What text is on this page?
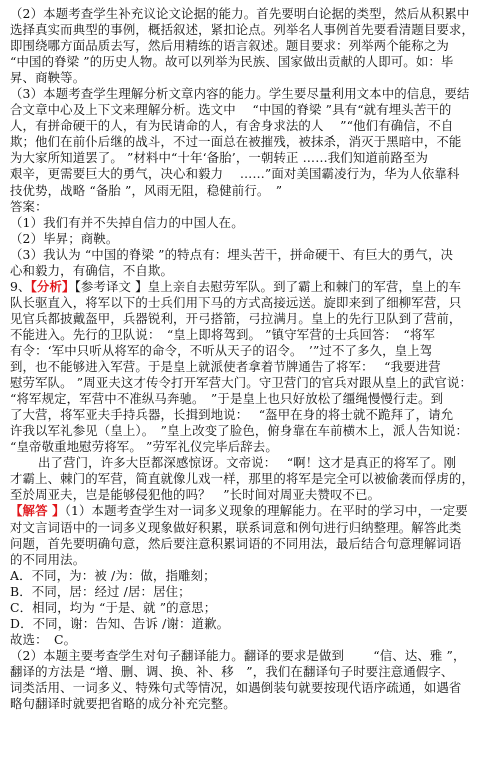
（2）本题考查学生补充议论文论据的能力。首先要明白论据的类型，然后从积累中
选择真实而典型的事例，概括叙述，紧扣论点。列举名人事例首先要看清题目要求，
即围绕哪方面品质去写，然后用精练的语言叙述。题目要求：列举两个能称之为
“中国的脊梁 ”的历史人物。故可以列举为民族、国家做出贡献的人即可。如：毕
昇、商鞅等。
（3）本题考查学生理解分析文章内容的能力。学生要尽量利用文本中的信息，要结
合文章中心及上下文来理解分析。选文中　 “中国的脊梁 ”具有“就有埋头苦干的
人，有拼命硬干的人，有为民请命的人，有舍身求法的人　 ”“他们有确信，不自
欺；他们在前仆后继的战斗，不过一面总在被摧残，被抹杀，消灭于黑暗中，不能
为大家所知道罢了。 ”材料中“十年‘备胎’，一朝转正 ……我们知道前路至为
艰辛，更需要巨大的勇气，决心和毅力　 ……”面对美国霸凌行为，华为人依靠科
技优势，战略 “备胎 ”，风雨无阻，稳健前行。　”
答案：
（1）我们有并不失掉自信力的中国人在。
（2）毕昇；商鞅。
（3）我认为 “中国的脊梁 ”的特点有：埋头苦干，拼命硬干、有巨大的勇气，决
心和毅力，有确信，不自欺。
9、【分析】【参考译文 】皇上亲自去慰劳军队。到了霸上和棘门的军营，皇上的车
队长驱直入，将军以下的士兵们用下马的方式高接远送。旋即来到了细柳军营，只
见官兵都披戴盔甲，兵器锐利，开弓搭箭，弓拉满月。皇上的先行卫队到了营前，
不能进入。先行的卫队说：　“皇上即将驾到。 ”镇守军营的士兵回答：　“将军
有令：‘军中只听从将军的命令，不听从天子的诏令。　’”过不了多久，皇上驾
到，也不能够进入军营。于是皇上就派使者拿着节牌通告了将军：　 “我要进营
慰劳军队。 ”周亚夫这才传令打开军营大门。守卫营门的官兵对跟从皇上的武官说：
“将军规定，军营中不准纵马奔驰。　”于是皇上也只好放松了缰绳慢慢行走。到
了大营，将军亚夫手持兵器，长揖到地说：　 “盔甲在身的将士就不跪拜了，请允
许我以军礼参见（皇上）。　”皇上改变了脸色，俯身靠在车前横木上，派人告知说：
“皇帝敬重地慰劳将军。 ”劳军礼仪完毕后辞去。
出了营门，许多大臣都深感惊讶。文帝说：　 “啊！这才是真正的将军了。刚
才霸上、棘门的军营，简直就像儿戏一样，那里的将军是完全可以被偷袭而俘虏的，
至於周亚夫，岂是能够侵犯他的吗？　”长时间对周亚夫赞叹不已。
【解答 】（1）本题考查学生对一词多义现象的理解能力。在平时的学习中，一定要
对文言词语中的一词多义现象做好积累，联系词意和例句进行归纳整理。解答此类
问题，首先要明确句意，然后要注意积累词语的不同用法，最后结合句意理解词语
的不同用法。
A．不同，为：被 /为：做，指雕刻；
B．不同，居：经过 /居：居住；
C．相同，均为 “于是、就 ”的意思；
D．不同，谢：告知、告诉 /谢：道歉。
故选：　C。
（2）本题主要考查学生对句子翻译能力。翻译的要求是做到　　 “信、达、雅 ”，
翻译的方法是 “增、删、调、换、补、移　”，我们在翻译句子时要注意通假字、
词类活用、一词多义、特殊句式等情况，如遇倒装句就要按现代语序疏通，如遇省
略句翻译时就要把省略的成分补充完整。
